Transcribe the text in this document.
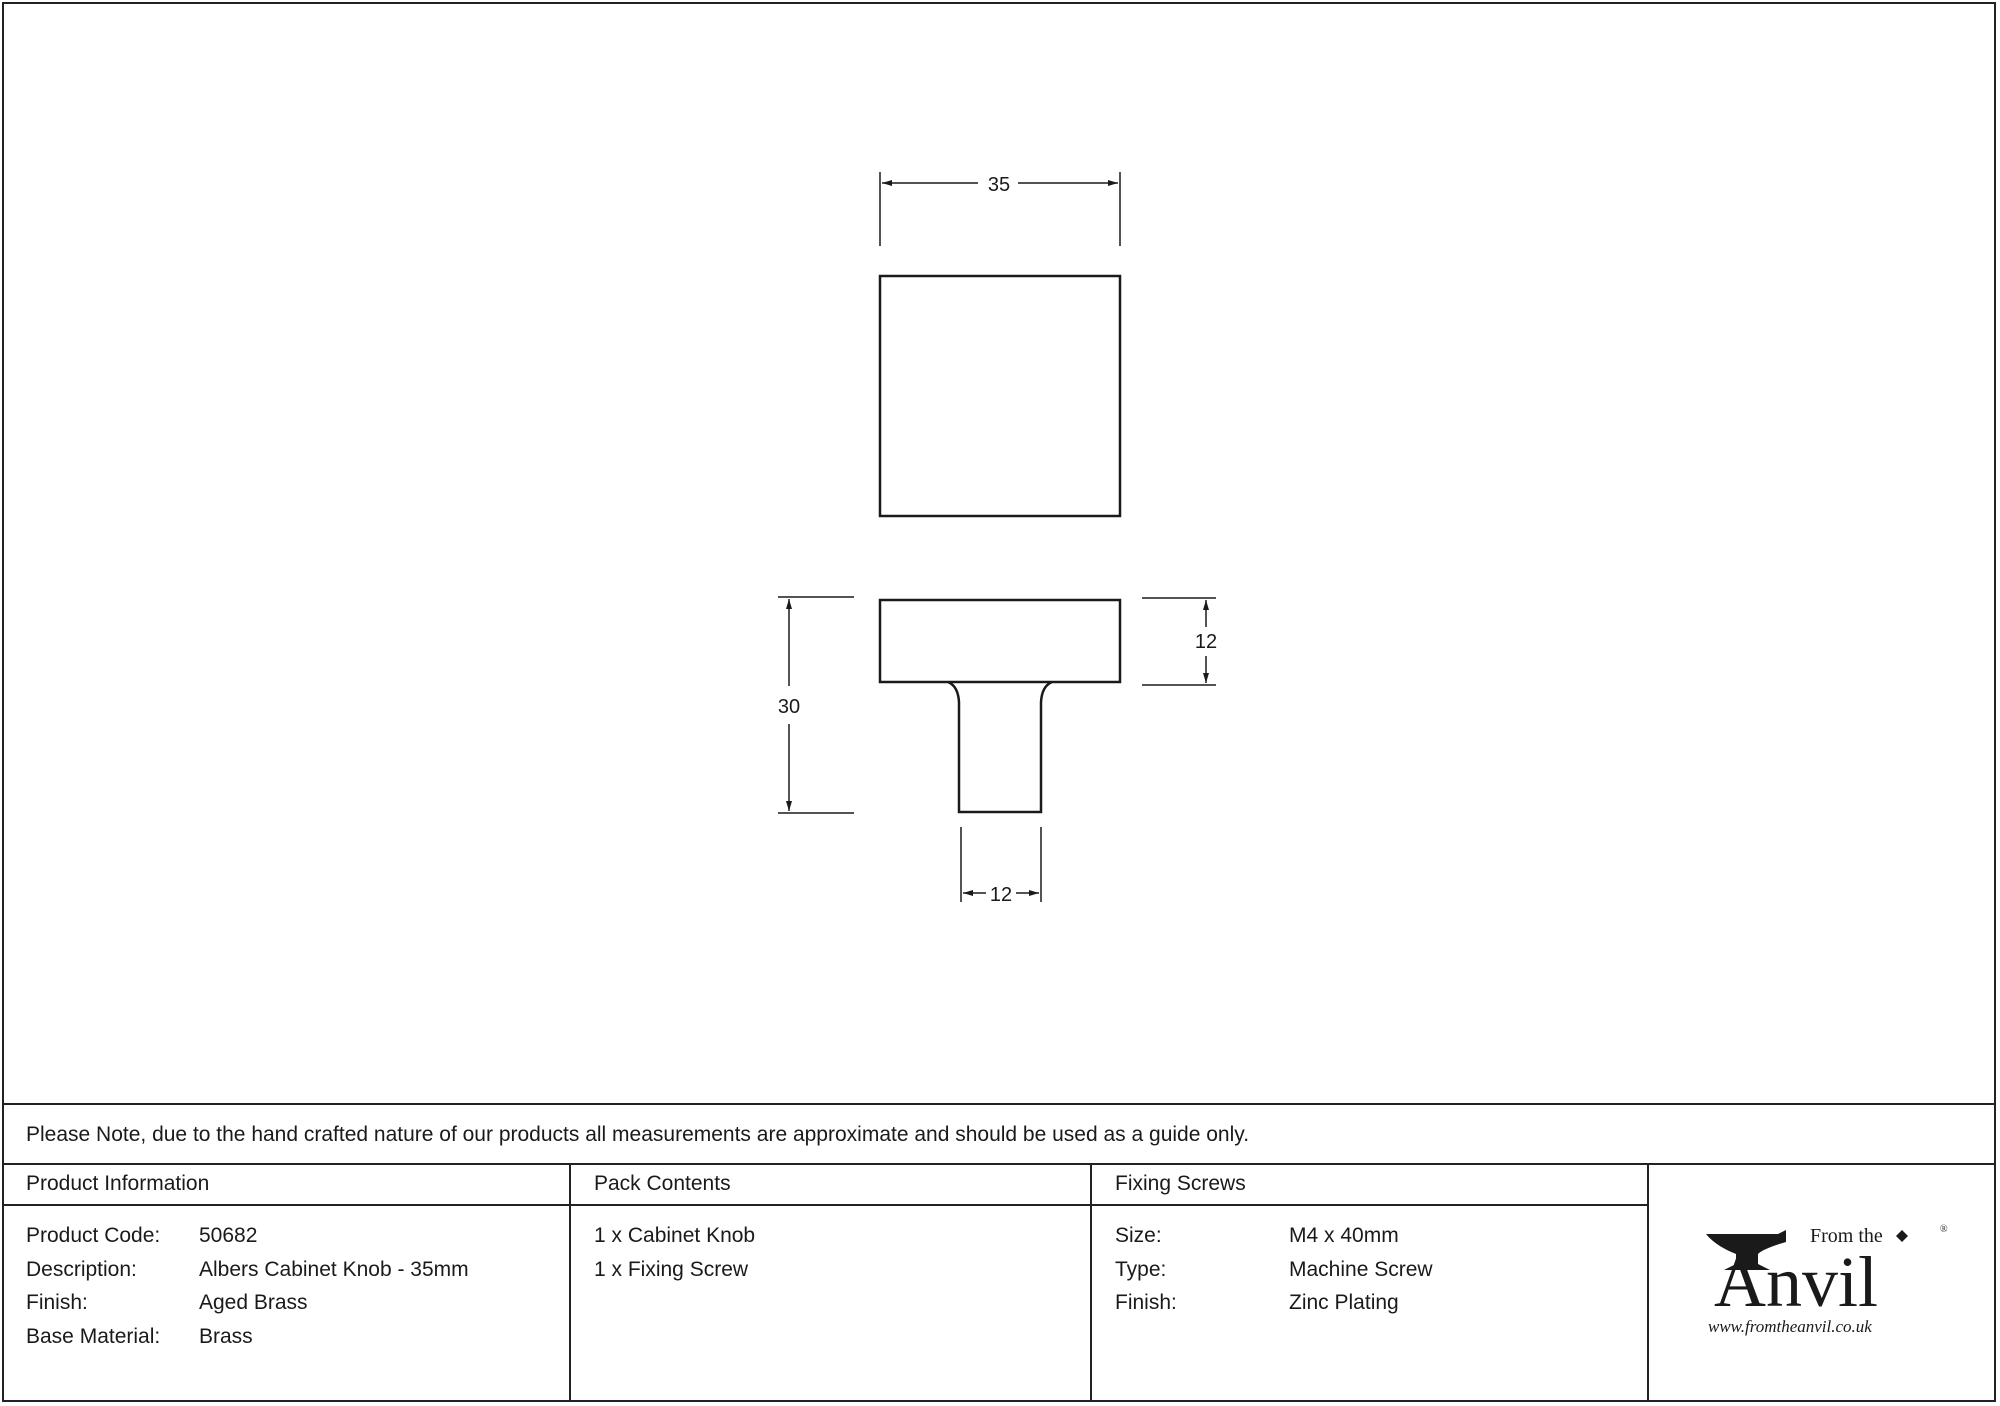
35
30
12
12
Please Note, due to the hand crafted nature of our products all measurements are approximate and should be used as a guide only.
Product Information
Product Code: 50682
Description:	Albers Cabinet Knob - 35mm
Finish:	Aged Brass
Base Material: Brass
Pack Contents
1 x Cabinet Knob
1 x Fixing Screw
Fixing Screws
Size:	M4 x 40mm
Type:	Machine Screw
Finish:	Zinc Plating
From the	®
Anvil
www.fromtheanvil.co.uk
